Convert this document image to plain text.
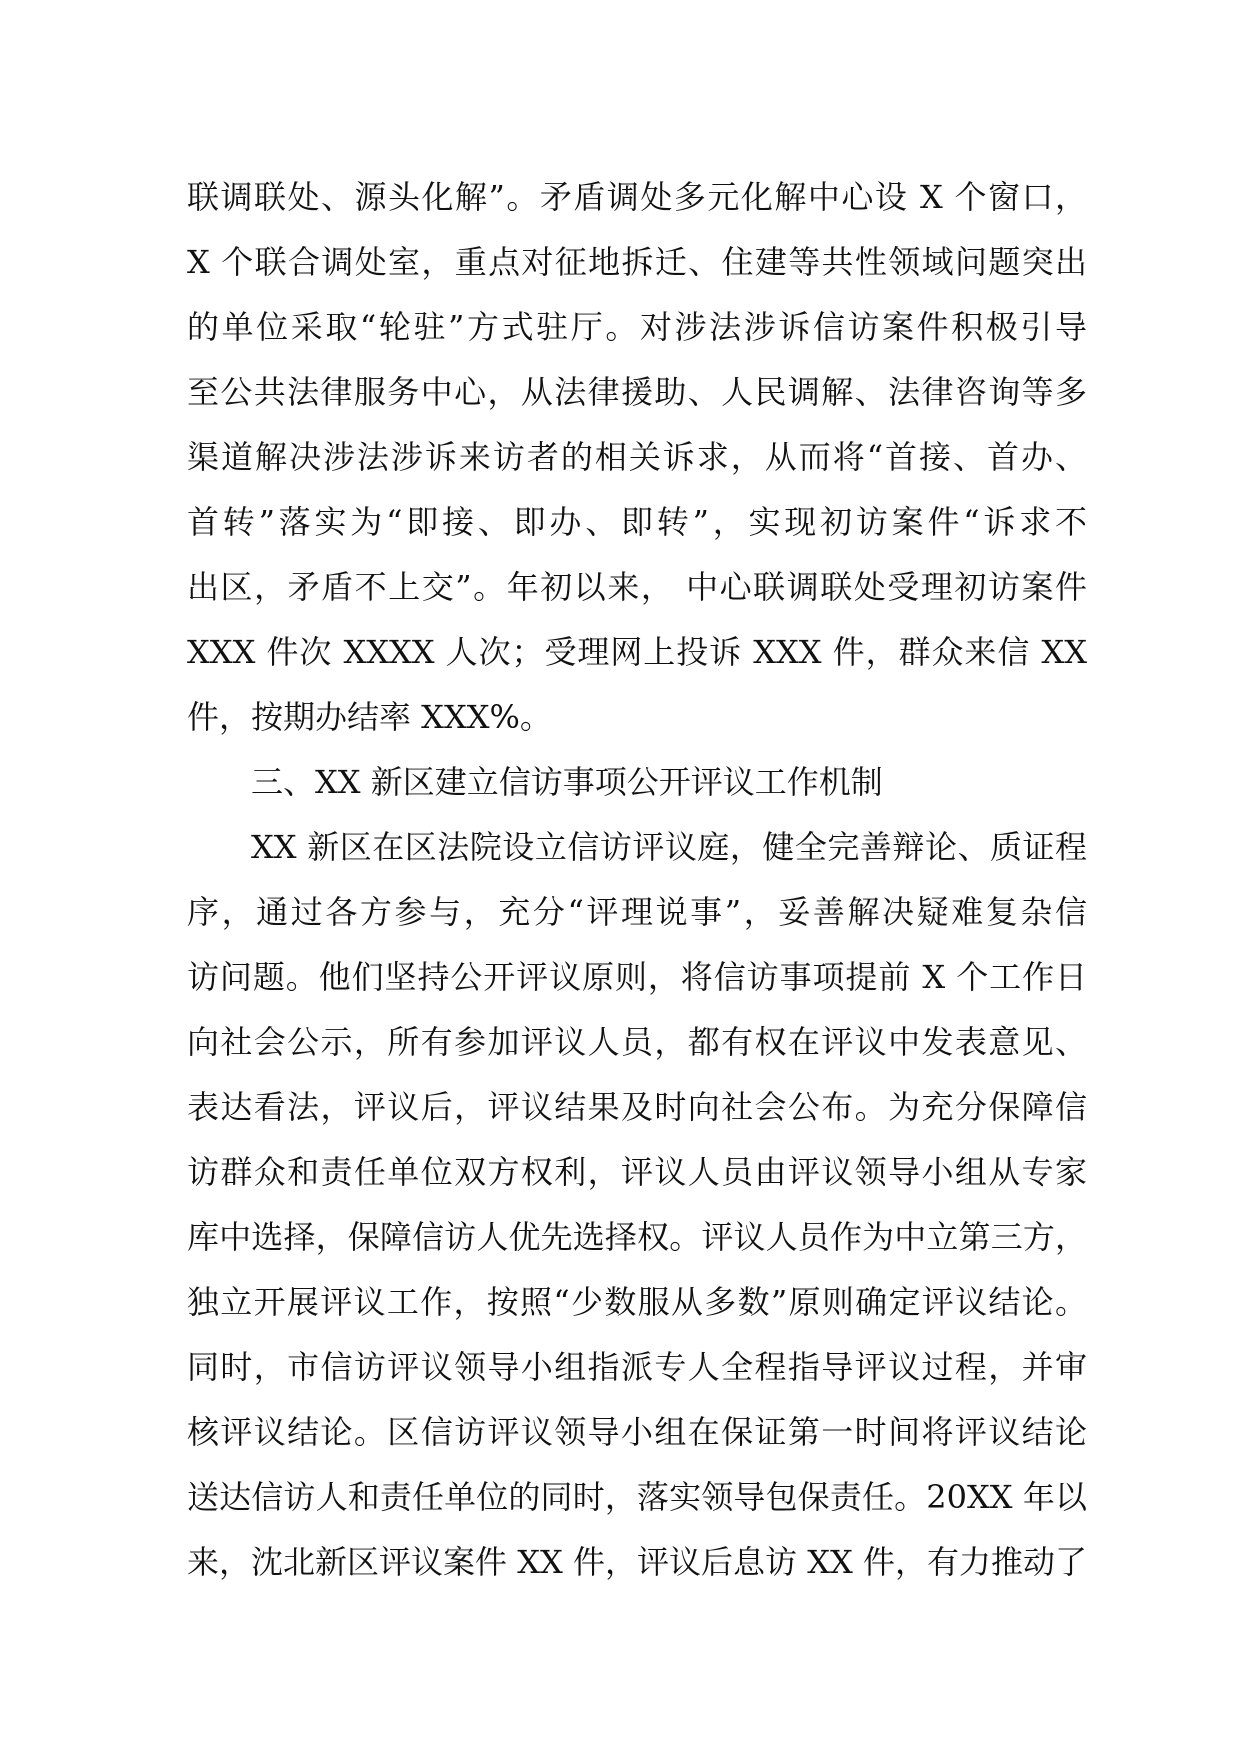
联调联处、源头化解”。矛盾调处多元化解中心设 X 个窗口，
X 个联合调处室，重点对征地拆迁、住建等共性领域问题突出
的单位采取“轮驻”方式驻厅。对涉法涉诉信访案件积极引导
至公共法律服务中心，从法律援助、人民调解、法律咨询等多
渠道解决涉法涉诉来访者的相关诉求，从而将“首接、首办、
首转”落实为“即接、即办、即转”，实现初访案件“诉求不
出区，矛盾不上交”。年初以来， 中心联调联处受理初访案件
XXX 件次 XXXX 人次；受理网上投诉 XXX 件，群众来信 XX
件，按期办结率 XXX%。
三、XX 新区建立信访事项公开评议工作机制
XX 新区在区法院设立信访评议庭，健全完善辩论、质证程
序，通过各方参与，充分“评理说事”，妥善解决疑难复杂信
访问题。他们坚持公开评议原则，将信访事项提前 X 个工作日
向社会公示，所有参加评议人员，都有权在评议中发表意见、
表达看法，评议后，评议结果及时向社会公布。为充分保障信
访群众和责任单位双方权利，评议人员由评议领导小组从专家
库中选择，保障信访人优先选择权。评议人员作为中立第三方，
独立开展评议工作，按照“少数服从多数”原则确定评议结论。
同时，市信访评议领导小组指派专人全程指导评议过程，并审
核评议结论。区信访评议领导小组在保证第一时间将评议结论
送达信访人和责任单位的同时，落实领导包保责任。20XX 年以
来，沈北新区评议案件 XX 件，评议后息访 XX 件，有力推动了
